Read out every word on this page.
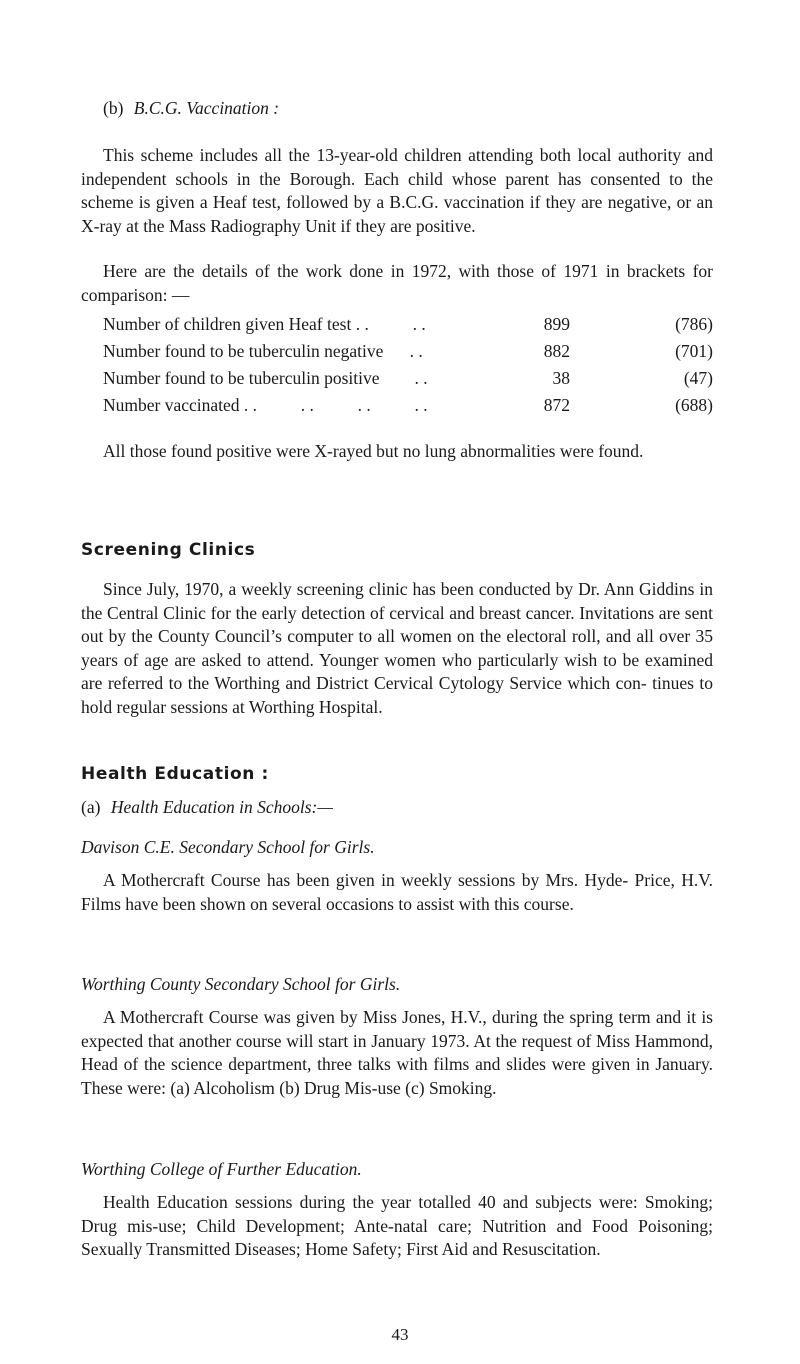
(b) B.C.G. Vaccination :

This scheme includes all the 13-year-old children attending both local authority and independent schools in the Borough. Each child whose parent has consented to the scheme is given a Heaf test, followed by a B.C.G. vaccination if they are negative, or an X-ray at the Mass Radiography Unit if they are positive.

Here are the details of the work done in 1972, with those of 1971 in brackets for comparison: —

Number of children given Heaf test . .          . .	899	(786)
Number found to be tuberculin negative      . .	882	(701)
Number found to be tuberculin positive        . .	38	(47)
Number vaccinated . .          . .          . .          . .	872	(688)

All those found positive were X-rayed but no lung abnormalities were found.

Screening Clinics

Since July, 1970, a weekly screening clinic has been conducted by Dr. Ann Giddins in the Central Clinic for the early detection of cervical and breast cancer. Invitations are sent out by the County Council’s computer to all women on the electoral roll, and all over 35 years of age are asked to attend. Younger women who particularly wish to be examined are referred to the Worthing and District Cervical Cytology Service which con- tinues to hold regular sessions at Worthing Hospital.

Health Education :
(a) Health Education in Schools:—
Davison C.E. Secondary School for Girls.

A Mothercraft Course has been given in weekly sessions by Mrs. Hyde- Price, H.V. Films have been shown on several occasions to assist with this course.

Worthing County Secondary School for Girls.

A Mothercraft Course was given by Miss Jones, H.V., during the spring term and it is expected that another course will start in January 1973. At the request of Miss Hammond, Head of the science department, three talks with films and slides were given in January. These were: (a) Alcoholism (b) Drug Mis-use (c) Smoking.

Worthing College of Further Education.

Health Education sessions during the year totalled 40 and subjects were: Smoking; Drug mis-use; Child Development; Ante-natal care; Nutrition and Food Poisoning; Sexually Transmitted Diseases; Home Safety; First Aid and Resuscitation.

43
